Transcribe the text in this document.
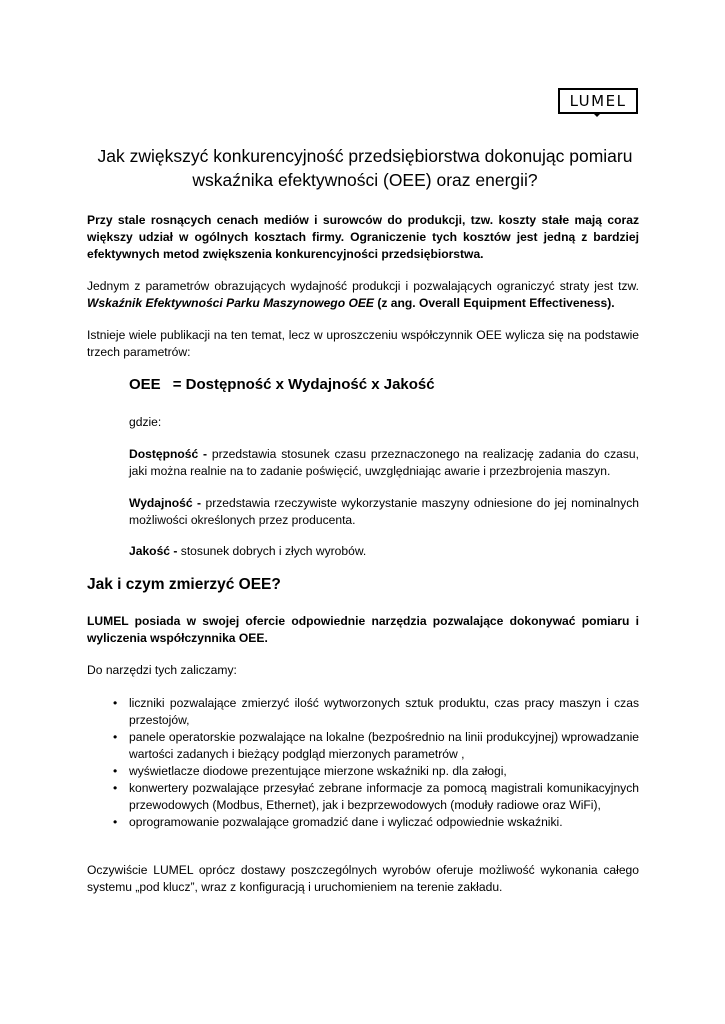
LUMEL
Jak zwiększyć konkurencyjność przedsiębiorstwa dokonując pomiaru wskaźnika efektywności (OEE) oraz energii?

Przy stale rosnących cenach mediów i surowców do produkcji, tzw. koszty stałe mają coraz większy udział w ogólnych kosztach firmy. Ograniczenie tych kosztów jest jedną z bardziej efektywnych metod zwiększenia konkurencyjności przedsiębiorstwa.

Jednym z parametrów obrazujących wydajność produkcji i pozwalających ograniczyć straty jest tzw. Wskaźnik Efektywności Parku Maszynowego OEE (z ang. Overall Equipment Effectiveness).

Istnieje wiele publikacji na ten temat, lecz w uproszczeniu współczynnik OEE wylicza się na podstawie trzech parametrów:

OEE = Dostępność x Wydajność x Jakość

gdzie:

Dostępność - przedstawia stosunek czasu przeznaczonego na realizację zadania do czasu, jaki można realnie na to zadanie poświęcić, uwzględniając awarie i przezbrojenia maszyn.

Wydajność - przedstawia rzeczywiste wykorzystanie maszyny odniesione do jej nominalnych możliwości określonych przez producenta.

Jakość - stosunek dobrych i złych wyrobów.

Jak i czym zmierzyć OEE?

LUMEL posiada w swojej ofercie odpowiednie narzędzia pozwalające dokonywać pomiaru i wyliczenia współczynnika OEE.

Do narzędzi tych zaliczamy:

• liczniki pozwalające zmierzyć ilość wytworzonych sztuk produktu, czas pracy maszyn i czas przestojów,
• panele operatorskie pozwalające na lokalne (bezpośrednio na linii produkcyjnej) wprowadzanie wartości zadanych i bieżący podgląd mierzonych parametrów ,
• wyświetlacze diodowe prezentujące mierzone wskaźniki np. dla załogi,
• konwertery pozwalające przesyłać zebrane informacje za pomocą magistrali komunikacyjnych przewodowych (Modbus, Ethernet), jak i bezprzewodowych (moduły radiowe oraz WiFi),
• oprogramowanie pozwalające gromadzić dane i wyliczać odpowiednie wskaźniki.

Oczywiście LUMEL oprócz dostawy poszczególnych wyrobów oferuje możliwość wykonania całego systemu „pod klucz”, wraz z konfiguracją i uruchomieniem na terenie zakładu.
